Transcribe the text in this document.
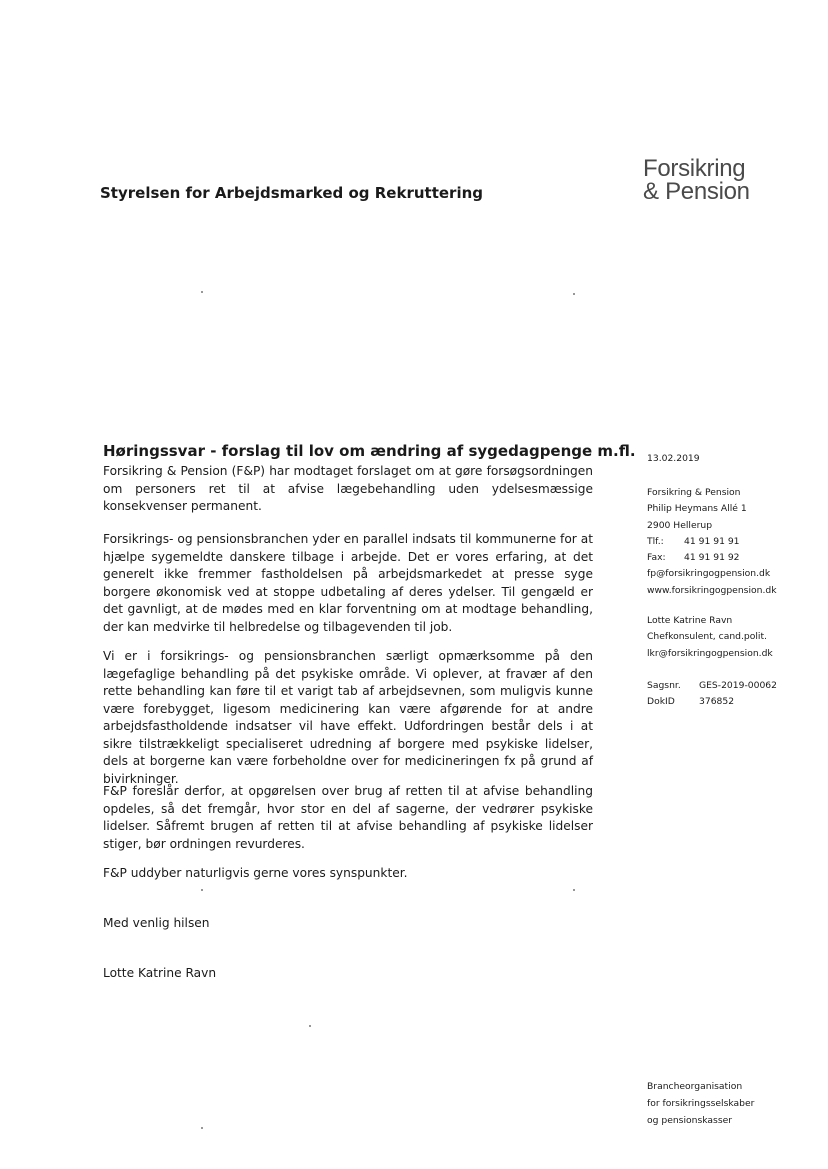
Forsikring
& Pension
Styrelsen for Arbejdsmarked og Rekruttering
Høringssvar - forslag til lov om ændring af sygedagpenge m.fl.

Forsikring & Pension (F&P) har modtaget forslaget om at gøre forsøgsordningen om personers ret til at afvise lægebehandling uden ydelsesmæssige konsekvenser permanent.

Forsikrings- og pensionsbranchen yder en parallel indsats til kommunerne for at hjælpe sygemeldte danskere tilbage i arbejde. Det er vores erfaring, at det generelt ikke fremmer fastholdelsen på arbejdsmarkedet at presse syge borgere økonomisk ved at stoppe udbetaling af deres ydelser. Til gengæld er det gavnligt, at de mødes med en klar forventning om at modtage behandling, der kan medvirke til helbredelse og tilbagevenden til job.

Vi er i forsikrings- og pensionsbranchen særligt opmærksomme på den lægefaglige behandling på det psykiske område. Vi oplever, at fravær af den rette behandling kan føre til et varigt tab af arbejdsevnen, som muligvis kunne være forebygget, ligesom medicinering kan være afgørende for at andre arbejdsfastholdende indsatser vil have effekt. Udfordringen består dels i at sikre tilstrækkeligt specialiseret udredning af borgere med psykiske lidelser, dels at borgerne kan være forbeholdne over for medicineringen fx på grund af bivirkninger.

F&P foreslår derfor, at opgørelsen over brug af retten til at afvise behandling opdeles, så det fremgår, hvor stor en del af sagerne, der vedrører psykiske lidelser. Såfremt brugen af retten til at afvise behandling af psykiske lidelser stiger, bør ordningen revurderes.

F&P uddyber naturligvis gerne vores synspunkter.

Med venlig hilsen
Lotte Katrine Ravn
13.02.2019
Forsikring & Pension
Philip Heymans Allé 1
2900 Hellerup
Tlf.: 41 91 91 91
Fax: 41 91 91 92
fp@forsikringogpension.dk
www.forsikringogpension.dk
Lotte Katrine Ravn
Chefkonsulent, cand.polit.
lkr@forsikringogpension.dk
Sagsnr. GES-2019-00062
DokID	376852
Brancheorganisation
for forsikringsselskaber
og pensionskasser
